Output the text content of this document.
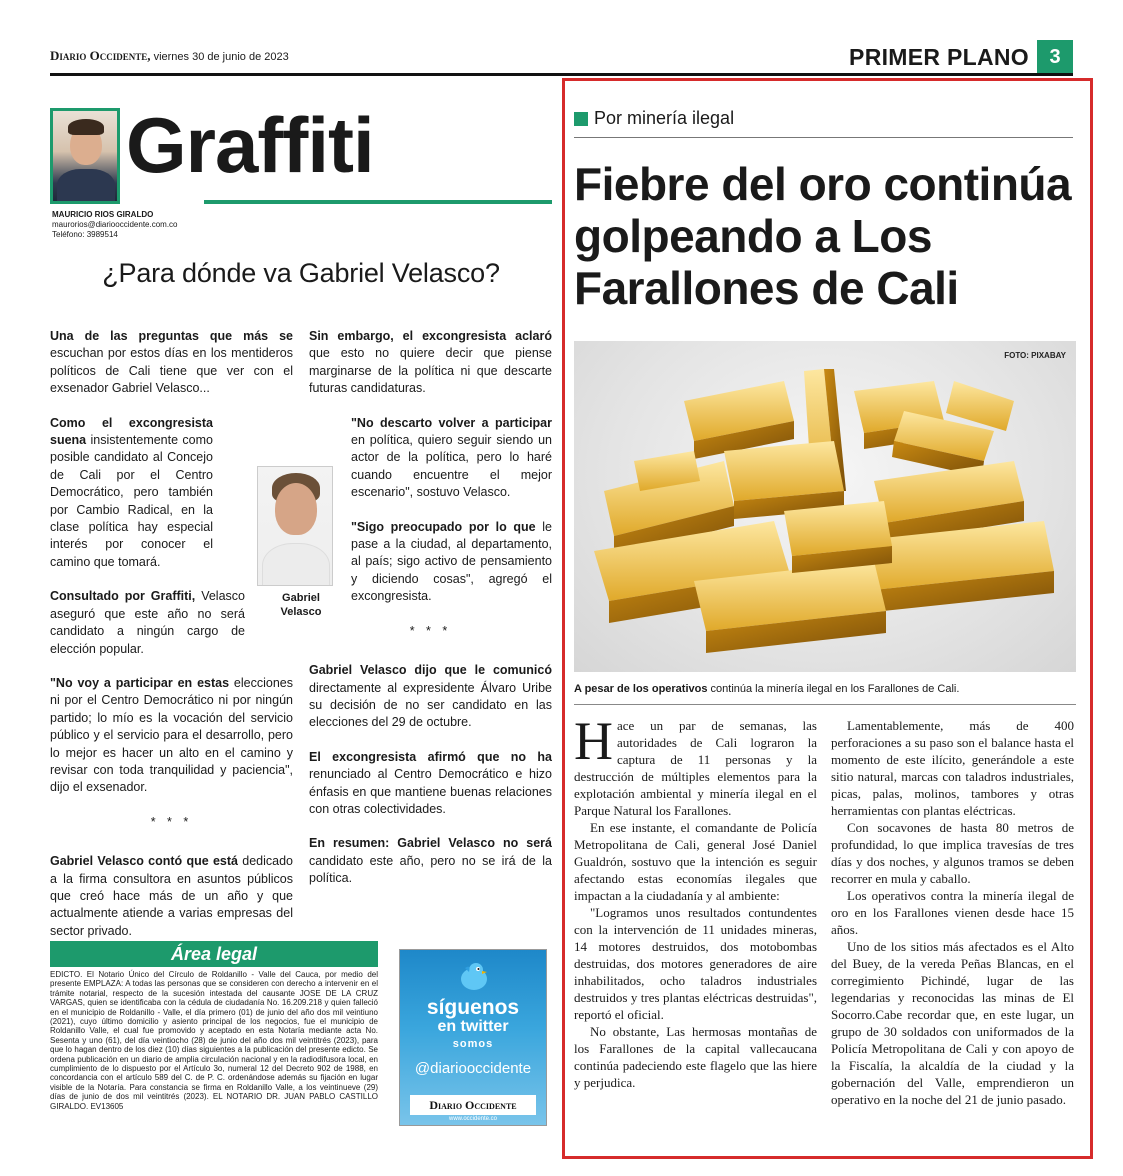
Diario Occidente, viernes 30 de junio de 2023	PRIMER PLANO	3
Graffiti
MAURICIO RIOS GIRALDO
maurorios@diariooccidente.com.co
Teléfono: 3989514
¿Para dónde va Gabriel Velasco?

Una de las preguntas que más se escuchan por estos días en los mentideros políticos de Cali tiene que ver con el exsenador Gabriel Velasco...

Como el excongresista suena insistentemente como posible candidato al Concejo de Cali por el Centro Democrático, pero también por Cambio Radical, en la clase política hay especial interés por conocer el camino que tomará.

Consultado por Graffiti, Velasco aseguró que este año no será candidato a ningún cargo de elección popular.

"No voy a participar en estas elecciones ni por el Centro Democrático ni por ningún partido; lo mío es la vocación del servicio público y el servicio para el desarrollo, pero lo mejor es hacer un alto en el camino y revisar con toda tranquilidad y paciencia", dijo el exsenador.

* * *

Gabriel Velasco contó que está dedicado a la firma consultora en asuntos públicos que creó hace más de un año y que actualmente atiende a varias empresas del sector privado.

Sin embargo, el excongresista aclaró que esto no quiere decir que piense marginarse de la política ni que descarte futuras candidaturas.

"No descarto volver a participar en política, quiero seguir siendo un actor de la política, pero lo haré cuando encuentre el mejor escenario", sostuvo Velasco.

"Sigo preocupado por lo que le pase a la ciudad, al departamento, al país; sigo activo de pensamiento y diciendo cosas", agregó el excongresista.

* * *

Gabriel Velasco dijo que le comunicó directamente al expresidente Álvaro Uribe su decisión de no ser candidato en las elecciones del 29 de octubre.

El excongresista afirmó que no ha renunciado al Centro Democrático e hizo énfasis en que mantiene buenas relaciones con otras colectividades.

En resumen: Gabriel Velasco no será candidato este año, pero no se irá de la política.

Gabriel Velasco
Área legal
EDICTO. El Notario Único del Círculo de Roldanillo - Valle del Cauca, por medio del presente EMPLAZA: A todas las personas que se consideren con derecho a intervenir en el trámite notarial, respecto de la sucesión intestada del causante JOSE DE LA CRUZ VARGAS, quien se identificaba con la cédula de ciudadanía No. 16.209.218 y quien falleció en el municipio de Roldanillo - Valle, el día primero (01) de junio del año dos mil veintiuno (2021), cuyo último domicilio y asiento principal de los negocios, fue el municipio de Roldanillo Valle, el cual fue promovido y aceptado en esta Notaría mediante acta No. Sesenta y uno (61), del día veintiocho (28) de junio del año dos mil veintitrés (2023), para que lo hagan dentro de los diez (10) días siguientes a la publicación del presente edicto. Se ordena publicación en un diario de amplia circulación nacional y en la radiodifusora local, en cumplimiento de lo dispuesto por el Artículo 3o, numeral 12 del Decreto 902 de 1988, en concordancia con el artículo 589 del C. de P. C. ordenándose además su fijación en lugar visible de la Notaría. Para constancia se firma en Roldanillo Valle, a los veintinueve (29) días de junio de dos mil veintitrés (2023). EL NOTARIO DR. JUAN PABLO CASTILLO GIRALDO. EV13605
síguenos
en twitter
somos
@diariooccidente
Diario Occidente
www.occidente.co
Por minería ilegal
Fiebre del oro continúa golpeando a Los Farallones de Cali
FOTO: PIXABAY
A pesar de los operativos continúa la minería ilegal en los Farallones de Cali.

Hace un par de semanas, las autoridades de Cali lograron la captura de 11 personas y la destrucción de múltiples elementos para la explotación ambiental y minería ilegal en el Parque Natural los Farallones.

En ese instante, el comandante de Policía Metropolitana de Cali, general José Daniel Gualdrón, sostuvo que la intención es seguir afectando estas economías ilegales que impactan a la ciudadanía y al ambiente:

"Logramos unos resultados contundentes con la intervención de 11 unidades mineras, 14 motores destruidos, dos motobombas destruidas, dos motores generadores de aire inhabilitados, ocho taladros industriales destruidos y tres plantas eléctricas destruidas", reportó el oficial.

No obstante, Las hermosas montañas de los Farallones de la capital vallecaucana continúa padeciendo este flagelo que las hiere y perjudica.

Lamentablemente, más de 400 perforaciones a su paso son el balance hasta el momento de este ilícito, generándole a este sitio natural, marcas con taladros industriales, picas, palas, molinos, tambores y otras herramientas con plantas eléctricas.

Con socavones de hasta 80 metros de profundidad, lo que implica travesías de tres días y dos noches, y algunos tramos se deben recorrer en mula y caballo.

Los operativos contra la minería ilegal de oro en los Farallones vienen desde hace 15 años.

Uno de los sitios más afectados es el Alto del Buey, de la vereda Peñas Blancas, en el corregimiento Pichindé, lugar de las legendarias y reconocidas las minas de El Socorro.Cabe recordar que, en este lugar, un grupo de 30 soldados con uniformados de la Policía Metropolitana de Cali y con apoyo de la Fiscalía, la alcaldía de la ciudad y la gobernación del Valle, emprendieron un operativo en la noche del 21 de junio pasado.
